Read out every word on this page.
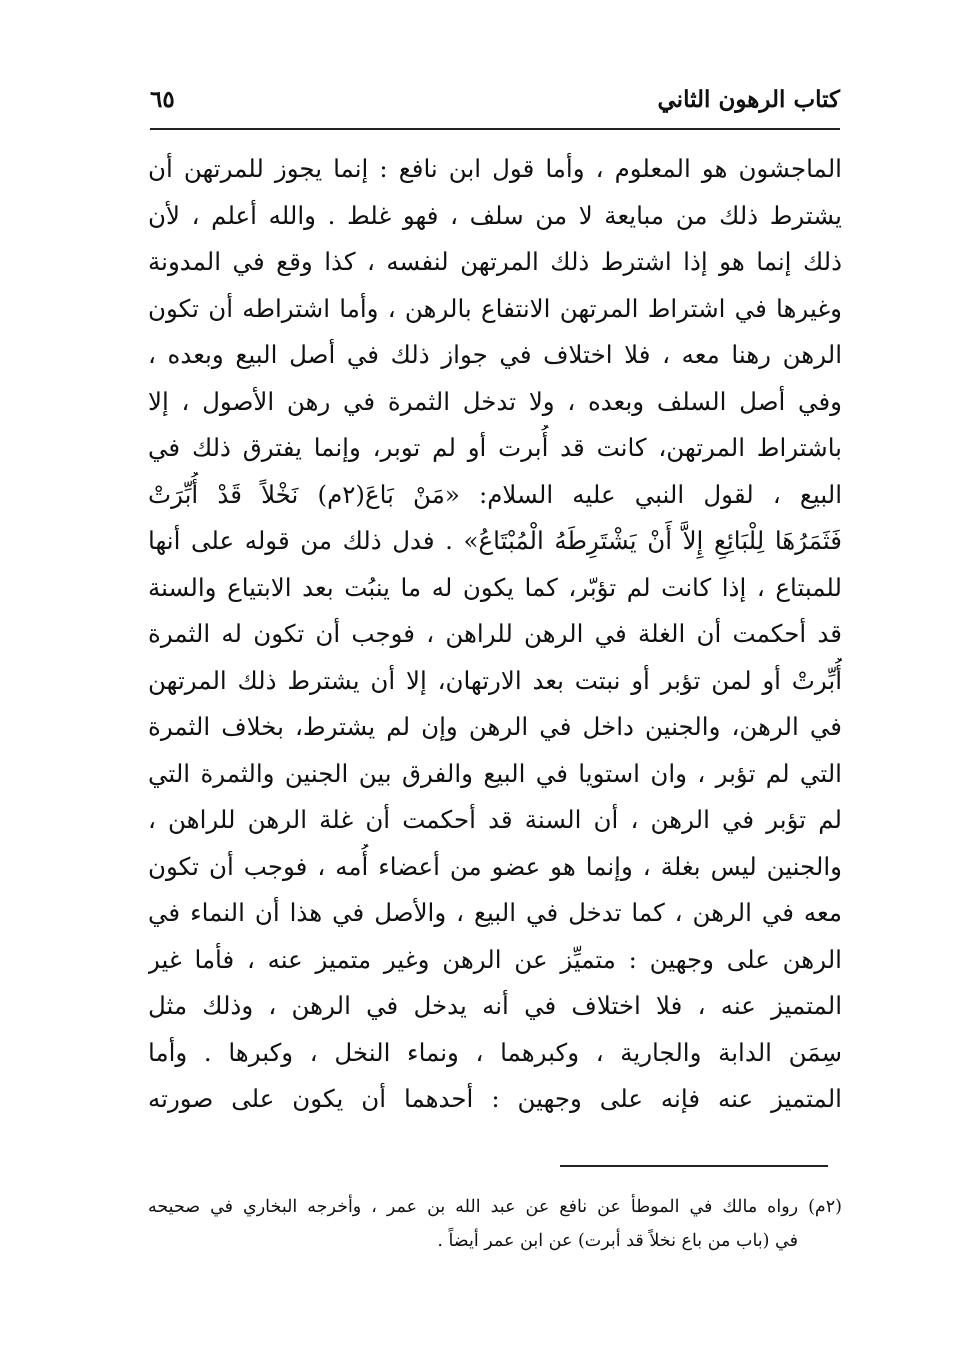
كتاب الرهون الثاني
٦٥
الماجشون هو المعلوم ، وأما قول ابن نافع : إنما يجوز للمرتهن أن
يشترط ذلك من مبايعة لا من سلف ، فهو غلط . والله أعلم ، لأن
ذلك إنما هو إذا اشترط ذلك المرتهن لنفسه ، كذا وقع في المدونة
وغيرها في اشتراط المرتهن الانتفاع بالرهن ، وأما اشتراطه أن تكون
الرهن رهنا معه ، فلا اختلاف في جواز ذلك في أصل البيع وبعده ،
وفي أصل السلف وبعده ، ولا تدخل الثمرة في رهن الأصول ، إلا
باشتراط المرتهن، كانت قد أُبرت أو لم توبر، وإنما يفترق ذلك في
البيع ، لقول النبي عليه السلام: «مَنْ بَاعَ(٢م) نَخْلاً قَدْ أُبِّرَتْ
فَثَمَرُهَا لِلْبَائِعِ إِلاَّ أَنْ يَشْتَرِطَهُ الْمُبْتَاعُ» . فدل ذلك من قوله على أنها
للمبتاع ، إذا كانت لم تؤبّر، كما يكون له ما ينبُت بعد الابتياع والسنة
قد أحكمت أن الغلة في الرهن للراهن ، فوجب أن تكون له الثمرة
أُبِّرتْ أو لمن تؤبر أو نبتت بعد الارتهان، إلا أن يشترط ذلك المرتهن
في الرهن، والجنين داخل في الرهن وإن لم يشترط، بخلاف الثمرة
التي لم تؤبر ، وان استويا في البيع والفرق بين الجنين والثمرة التي
لم تؤبر في الرهن ، أن السنة قد أحكمت أن غلة الرهن للراهن ،
والجنين ليس بغلة ، وإنما هو عضو من أعضاء أُمه ، فوجب أن تكون
معه في الرهن ، كما تدخل في البيع ، والأصل في هذا أن النماء في
الرهن على وجهين : متميِّز عن الرهن وغير متميز عنه ، فأما غير
المتميز عنه ، فلا اختلاف في أنه يدخل في الرهن ، وذلك مثل
سِمَن الدابة والجارية ، وكبرهما ، ونماء النخل ، وكبرها . وأما
المتميز عنه فإنه على وجهين : أحدهما أن يكون على صورته
(٢م) رواه مالك في الموطأ عن نافع عن عبد الله بن عمر ، وأخرجه البخاري في صحيحه
في (باب من باع نخلاً قد أبرت) عن ابن عمر أيضاً .
